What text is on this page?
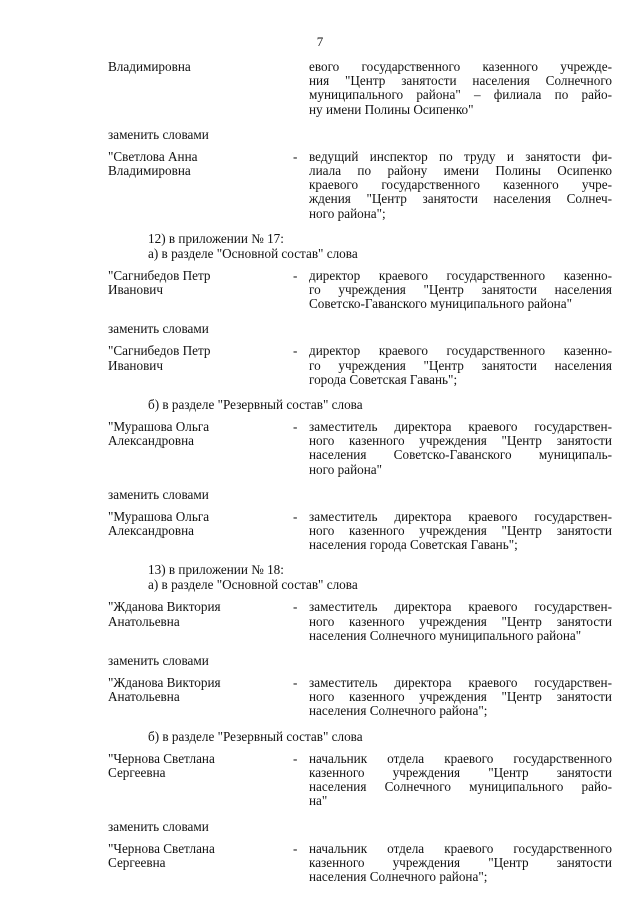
7
Владимировна	евого государственного казенного учрежде-
ния "Центр занятости населения Солнечного
муниципального района" – филиала по райо-
ну имени Полины Осипенко"
заменить словами
"Светлова Анна
Владимировна
- ведущий инспектор по труду и занятости фи-
лиала по району имени Полины Осипенко
краевого государственного казенного учре-
ждения "Центр занятости населения Солнеч-
ного района";
12) в приложении № 17:
а) в разделе "Основной состав" слова
"Сагнибедов Петр
Иванович
- директор краевого государственного казенно-
го учреждения "Центр занятости населения
Советско-Гаванского муниципального района"
заменить словами
"Сагнибедов Петр
Иванович
- директор краевого государственного казенно-
го учреждения "Центр занятости населения
города Советская Гавань";
б) в разделе "Резервный состав" слова
"Мурашова Ольга
Александровна
- заместитель директора краевого государствен-
ного казенного учреждения "Центр занятости
населения Советско-Гаванского муниципаль-
ного района"
заменить словами
"Мурашова Ольга
Александровна
- заместитель директора краевого государствен-
ного казенного учреждения "Центр занятости
населения города Советская Гавань";
13) в приложении № 18:
а) в разделе "Основной состав" слова
"Жданова Виктория
Анатольевна
- заместитель директора краевого государствен-
ного казенного учреждения "Центр занятости
населения Солнечного муниципального района"
заменить словами
"Жданова Виктория
Анатольевна
- заместитель директора краевого государствен-
ного казенного учреждения "Центр занятости
населения Солнечного района";
б) в разделе "Резервный состав" слова
"Чернова Светлана
Сергеевна
- начальник отдела краевого государственного
казенного учреждения "Центр занятости
населения Солнечного муниципального райо-
на"
заменить словами
"Чернова Светлана
Сергеевна
- начальник отдела краевого государственного
казенного учреждения "Центр занятости
населения Солнечного района";
